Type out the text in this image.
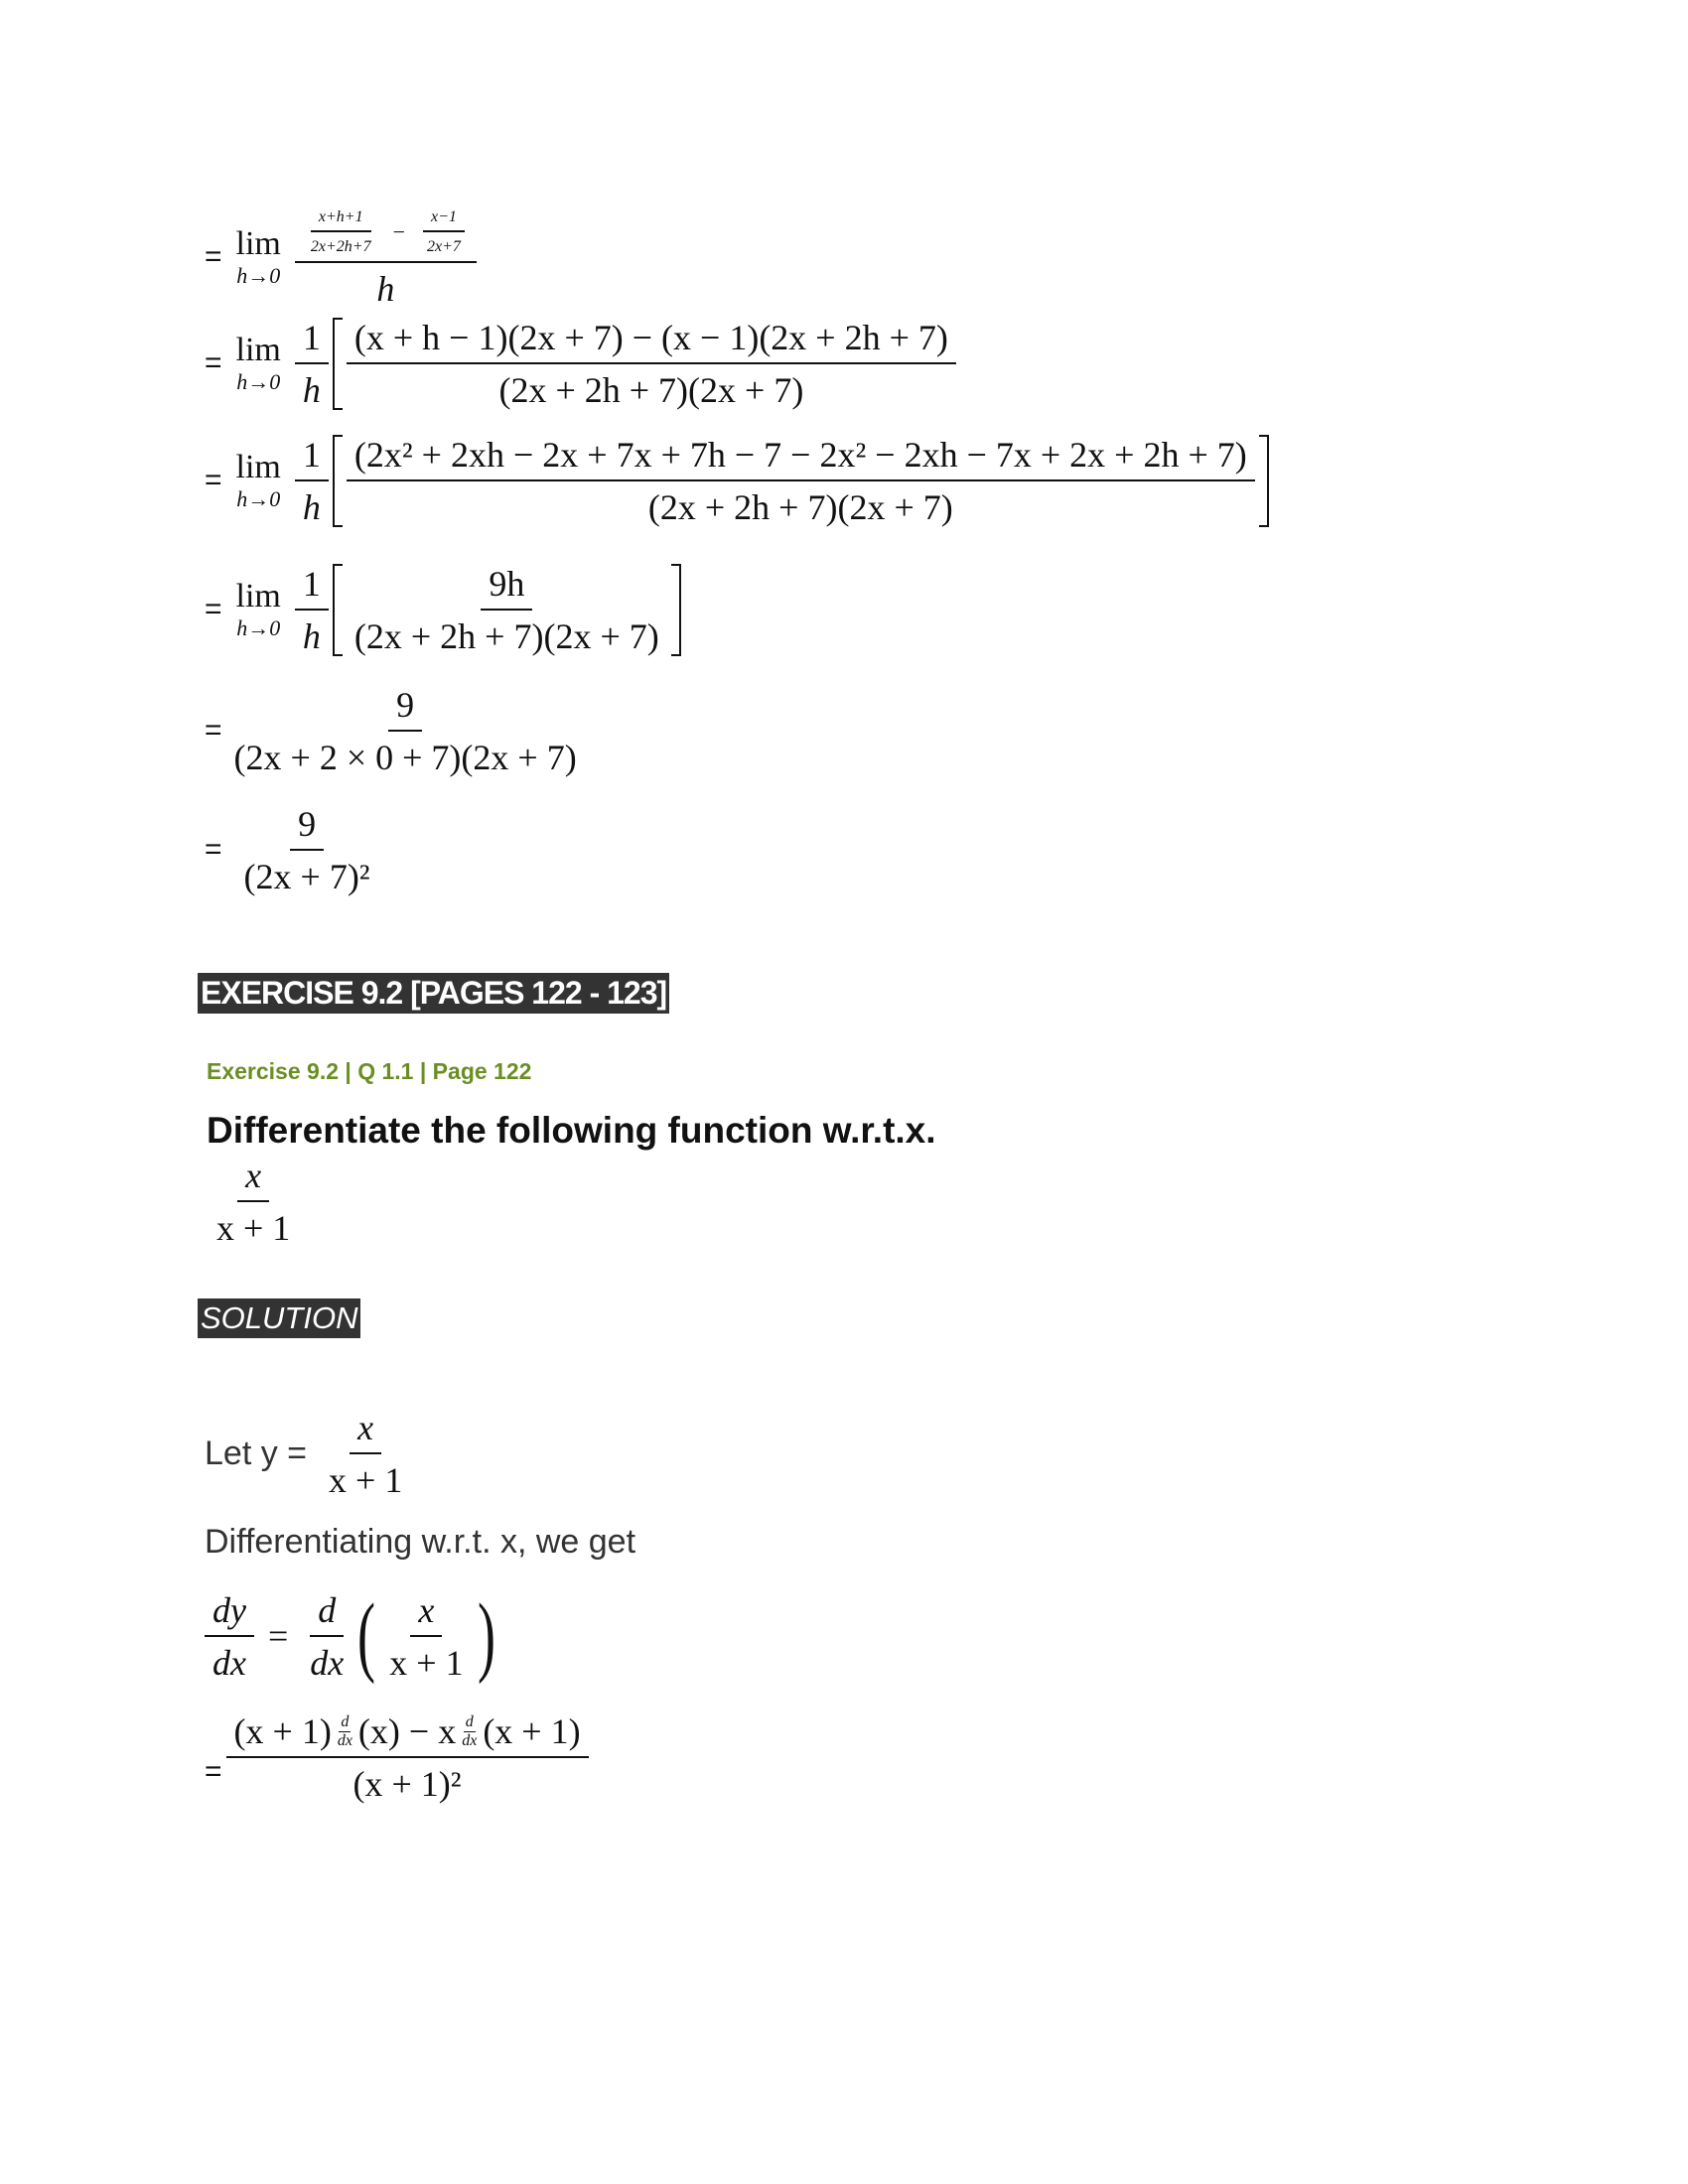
= lim
$h\to 0 \frac{\frac{x+h+1}{2x+2h+7} - \frac{x-1}{2x+7}}{h}$
= lim
$h\to 0 \frac{1}{h} \frac{(x + h - 1)(2x + 7) - (x - 1)(2x + 2h + 7)}{(2x + 2h + 7)(2x + 7)}$
= lim
$h\to 0 \frac{1}{h} (2x^2 + 2xh - 2x + 7x + 7h - 7 - 2x^2 - 2xh - 7x + 2x + 2h + 7)$
(2x + 2h + 7)(2x + 7)
= lim
$h\to 0 \frac{1}{h} \frac{9h}{(2x + 2h + 7)(2x + 7)}$
= $\frac{9}{(2x + 2 \times 0 + 7)(2x + 7)}$
= $\frac{9}{\text{(2x + 7)²}}$
EXERCISE 9.2 [PAGES 122 - 123]
Exercise 9.2 | Q 1.1 | Page 122
Differentiate the following function w.r.t.x.
$\frac{x}{x + 1}$
SOLUTION
Let $y = \frac{x}{x + 1}$
Differentiating w.r.t. x, we get
$\frac{dy}{dx} = \frac{d}{dx}$ ( $\frac{x}{x + 1}$ )
= $\frac{(x + 1) \frac{d}{dx} (x) - x \frac{d}{dx} (x + 1)}{\text{(x + 1)²}}$
